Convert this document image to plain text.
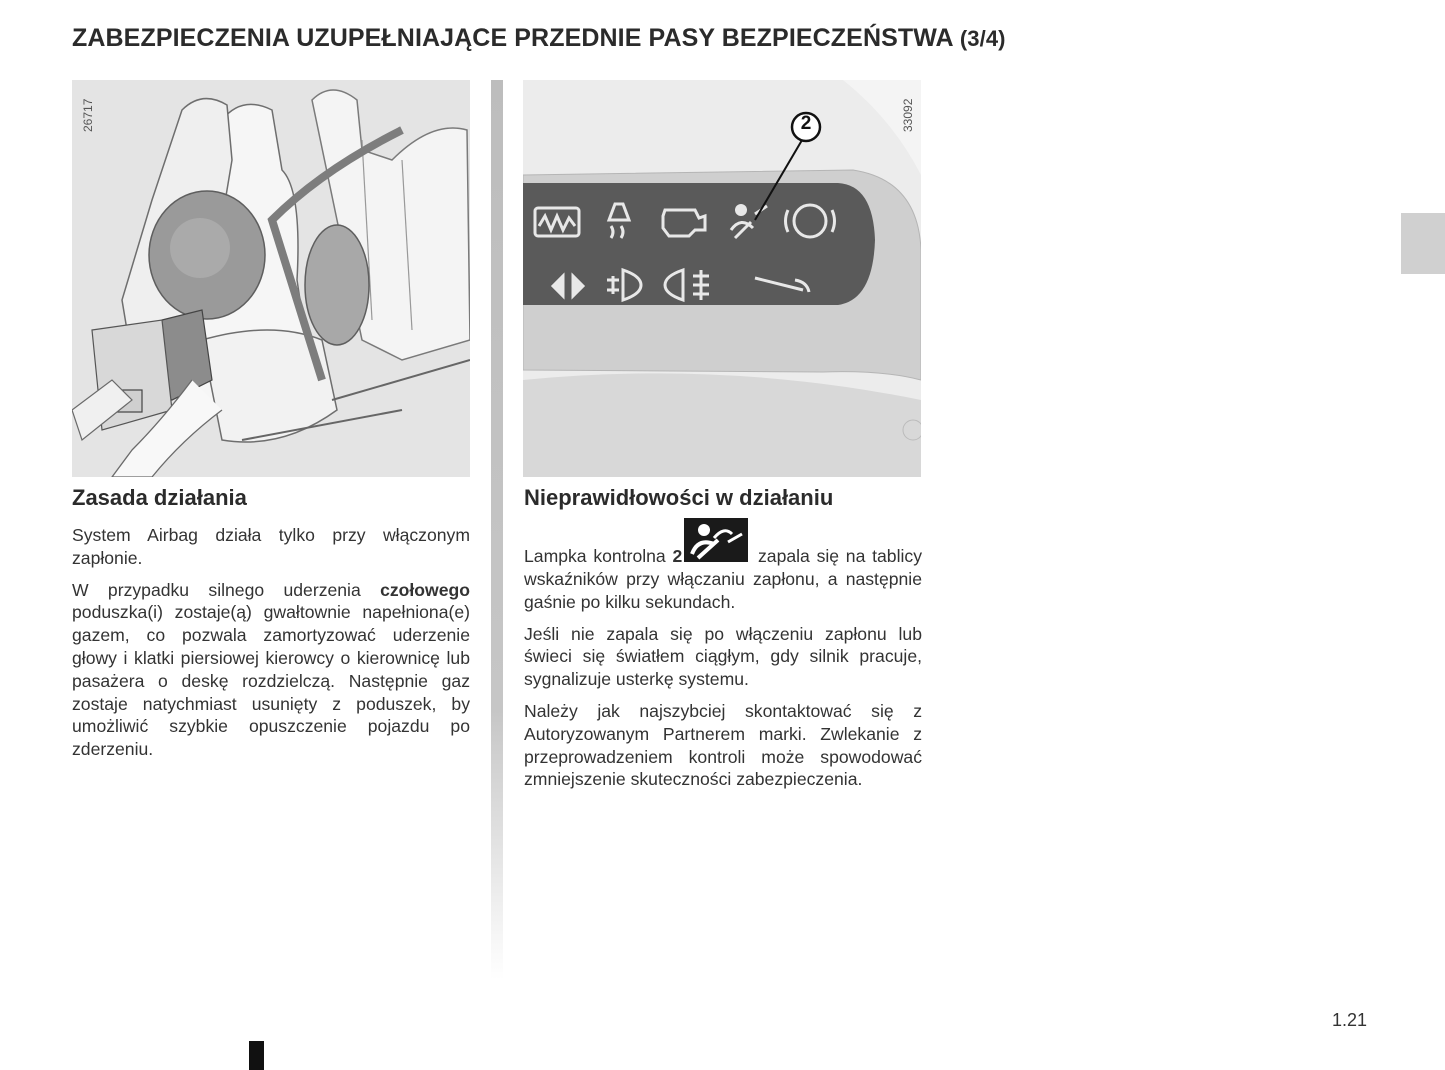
ZABEZPIECZENIA UZUPEŁNIAJĄCE PRZEDNIE PASY BEZPIECZEŃSTWA (3/4)
26717	2	33092
Zasada działania

System Airbag działa tylko przy włączonym zapłonie.

W przypadku silnego uderzenia czołowego poduszka(i) zostaje(ą) gwałtownie napełniona(e) gazem, co pozwala zamortyzować uderzenie głowy i klatki piersiowej kierowcy o kierownicę lub pasażera o deskę rozdzielczą. Następnie gaz zostaje natychmiast usunięty z poduszek, by umożliwić szybkie opuszczenie pojazdu po zderzeniu.

Nieprawidłowości w działaniu

Lampka kontrolna 2	zapala się na tablicy wskaźników przy włączaniu zapłonu, a następnie gaśnie po kilku sekundach.

Jeśli nie zapala się po włączeniu zapłonu lub świeci się światłem ciągłym, gdy silnik pracuje, sygnalizuje usterkę systemu.

Należy jak najszybciej skontaktować się z Autoryzowanym Partnerem marki. Zwlekanie z przeprowadzeniem kontroli może spowodować zmniejszenie skuteczności zabezpieczenia.

1.21
